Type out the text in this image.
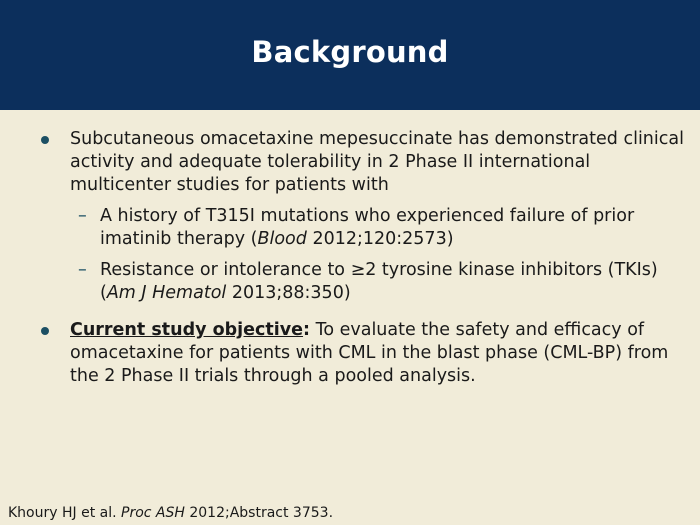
Background
Subcutaneous omacetaxine mepesuccinate has demonstrated clinical activity and adequate tolerability in 2 Phase II international multicenter studies for patients with
– A history of T315I mutations who experienced failure of prior imatinib therapy (Blood 2012;120:2573)
– Resistance or intolerance to ≥2 tyrosine kinase inhibitors (TKIs) (Am J Hematol 2013;88:350)
Current study objective: To evaluate the safety and efficacy of omacetaxine for patients with CML in the blast phase (CML-BP) from the 2 Phase II trials through a pooled analysis.
Khoury HJ et al. Proc ASH 2012;Abstract 3753.
